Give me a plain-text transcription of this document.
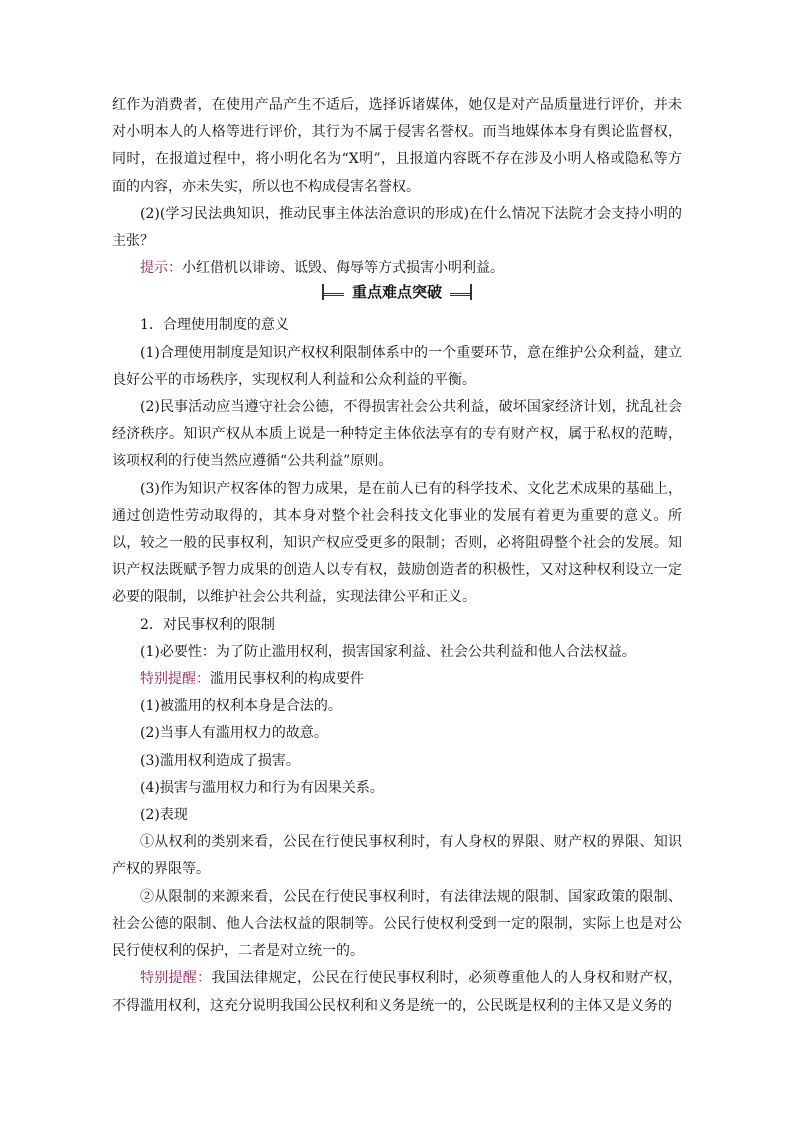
红作为消费者，在使用产品产生不适后，选择诉诸媒体，她仅是对产品质量进行评价，并未对小明本人的人格等进行评价，其行为不属于侵害名誉权。而当地媒体本身有舆论监督权，同时，在报道过程中，将小明化名为“X明”，且报道内容既不存在涉及小明人格或隐私等方面的内容，亦未失实，所以也不构成侵害名誉权。

(2)(学习民法典知识，推动民事主体法治意识的形成)在什么情况下法院才会支持小明的主张？

提示：小红借机以诽谤、诋毁、侮辱等方式损害小明利益。

重点难点突破

1．合理使用制度的意义

(1)合理使用制度是知识产权权利限制体系中的一个重要环节，意在维护公众利益，建立良好公平的市场秩序，实现权利人利益和公众利益的平衡。

(2)民事活动应当遵守社会公德，不得损害社会公共利益，破坏国家经济计划，扰乱社会经济秩序。知识产权从本质上说是一种特定主体依法享有的专有财产权，属于私权的范畴，该项权利的行使当然应遵循“公共利益”原则。

(3)作为知识产权客体的智力成果，是在前人已有的科学技术、文化艺术成果的基础上，通过创造性劳动取得的，其本身对整个社会科技文化事业的发展有着更为重要的意义。所以，较之一般的民事权利，知识产权应受更多的限制；否则，必将阻碍整个社会的发展。知识产权法既赋予智力成果的创造人以专有权，鼓励创造者的积极性，又对这种权利设立一定必要的限制，以维护社会公共利益，实现法律公平和正义。

2．对民事权利的限制

(1)必要性：为了防止滥用权利，损害国家利益、社会公共利益和他人合法权益。

特别提醒：滥用民事权利的构成要件

(1)被滥用的权利本身是合法的。

(2)当事人有滥用权力的故意。

(3)滥用权利造成了损害。

(4)损害与滥用权力和行为有因果关系。

(2)表现

①从权利的类别来看，公民在行使民事权利时，有人身权的界限、财产权的界限、知识产权的界限等。

②从限制的来源来看，公民在行使民事权利时，有法律法规的限制、国家政策的限制、社会公德的限制、他人合法权益的限制等。公民行使权利受到一定的限制，实际上也是对公民行使权利的保护，二者是对立统一的。

特别提醒：我国法律规定，公民在行使民事权利时，必须尊重他人的人身权和财产权，不得滥用权利，这充分说明我国公民权利和义务是统一的，公民既是权利的主体又是义务的
